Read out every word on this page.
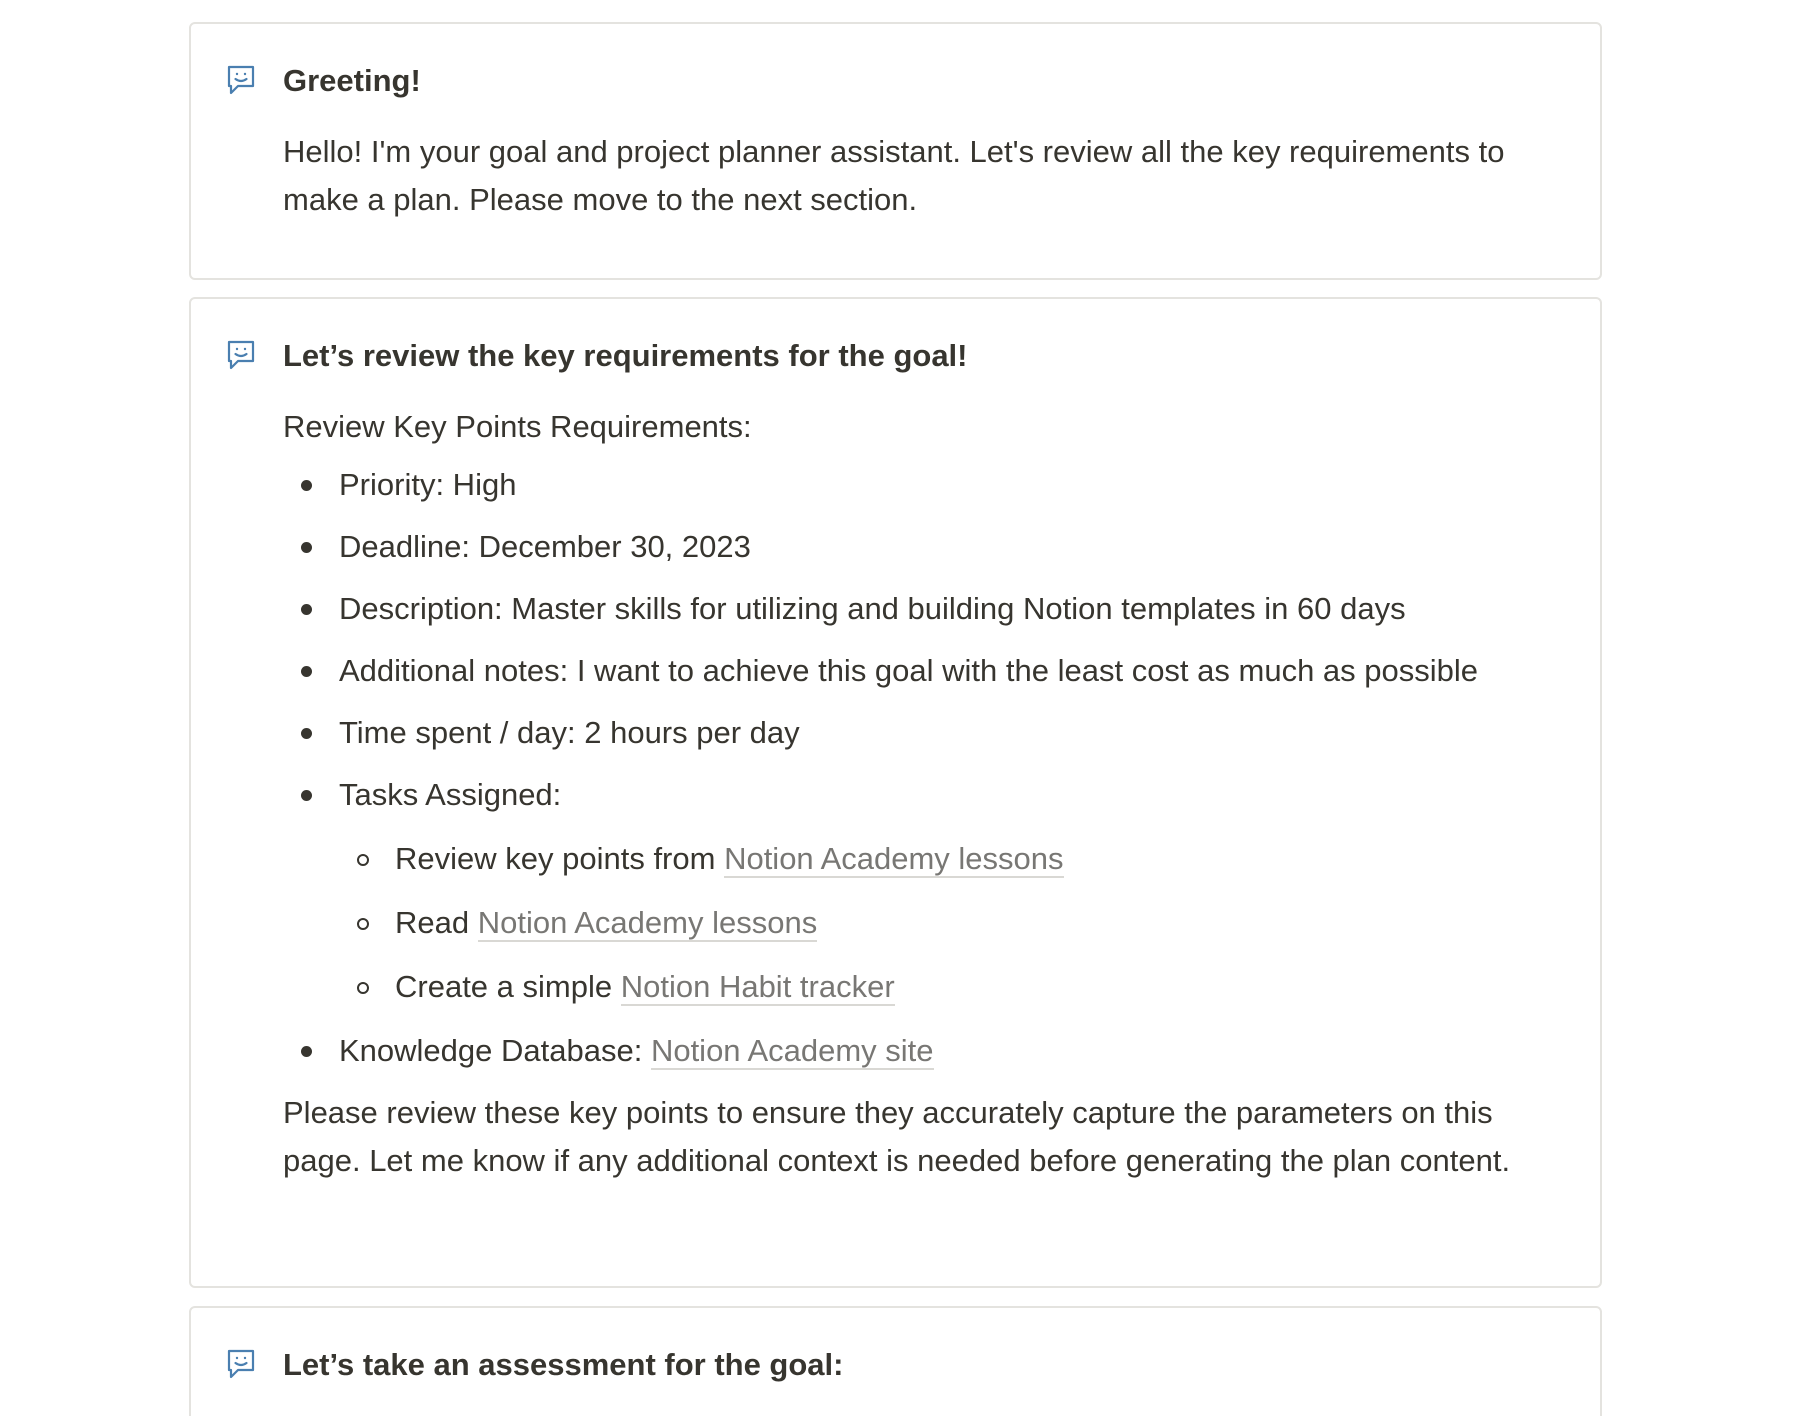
Greeting!

Hello! I'm your goal and project planner assistant. Let's review all the key requirements to make a plan. Please move to the next section.

Let’s review the key requirements for the goal!

Review Key Points Requirements:

Priority: High
Deadline: December 30, 2023
Description: Master skills for utilizing and building Notion templates in 60 days
Additional notes: I want to achieve this goal with the least cost as much as possible
Time spent / day: 2 hours per day
Tasks Assigned:
Review key points from Notion Academy lessons
Read Notion Academy lessons
Create a simple Notion Habit tracker
Knowledge Database: Notion Academy site

Please review these key points to ensure they accurately capture the parameters on this page. Let me know if any additional context is needed before generating the plan content.

Let’s take an assessment for the goal:
